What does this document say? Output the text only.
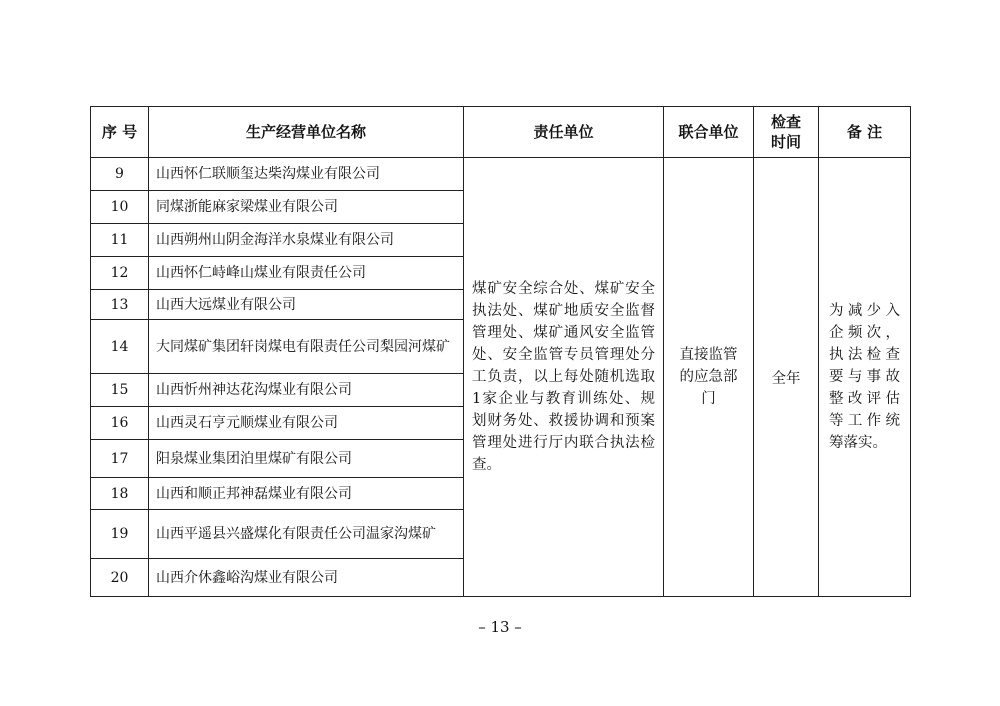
序 号	生产经营单位名称	责任单位	联合单位	检查时间	备 注
9	山西怀仁联顺玺达柴沟煤业有限公司	煤矿安全综合处、煤矿安全执法处、煤矿地质安全监督管理处、煤矿通风安全监管处、安全监管专员管理处分工负责，以上每处随机选取1家企业与教育训练处、规划财务处、救援协调和预案管理处进行厅内联合执法检查。	直接监管的应急部门	全年	为减少入企频次，执法检查要与事故整改评估等工作统筹落实。
10	同煤浙能麻家梁煤业有限公司				
11	山西朔州山阴金海洋水泉煤业有限公司				
12	山西怀仁峙峰山煤业有限责任公司				
13	山西大远煤业有限公司				
14	大同煤矿集团轩岗煤电有限责任公司梨园河煤矿				
15	山西忻州神达花沟煤业有限公司				
16	山西灵石亨元顺煤业有限公司				
17	阳泉煤业集团泊里煤矿有限公司				
18	山西和顺正邦神磊煤业有限公司				
19	山西平遥县兴盛煤化有限责任公司温家沟煤矿				
20	山西介休鑫峪沟煤业有限公司				
– 13 –
